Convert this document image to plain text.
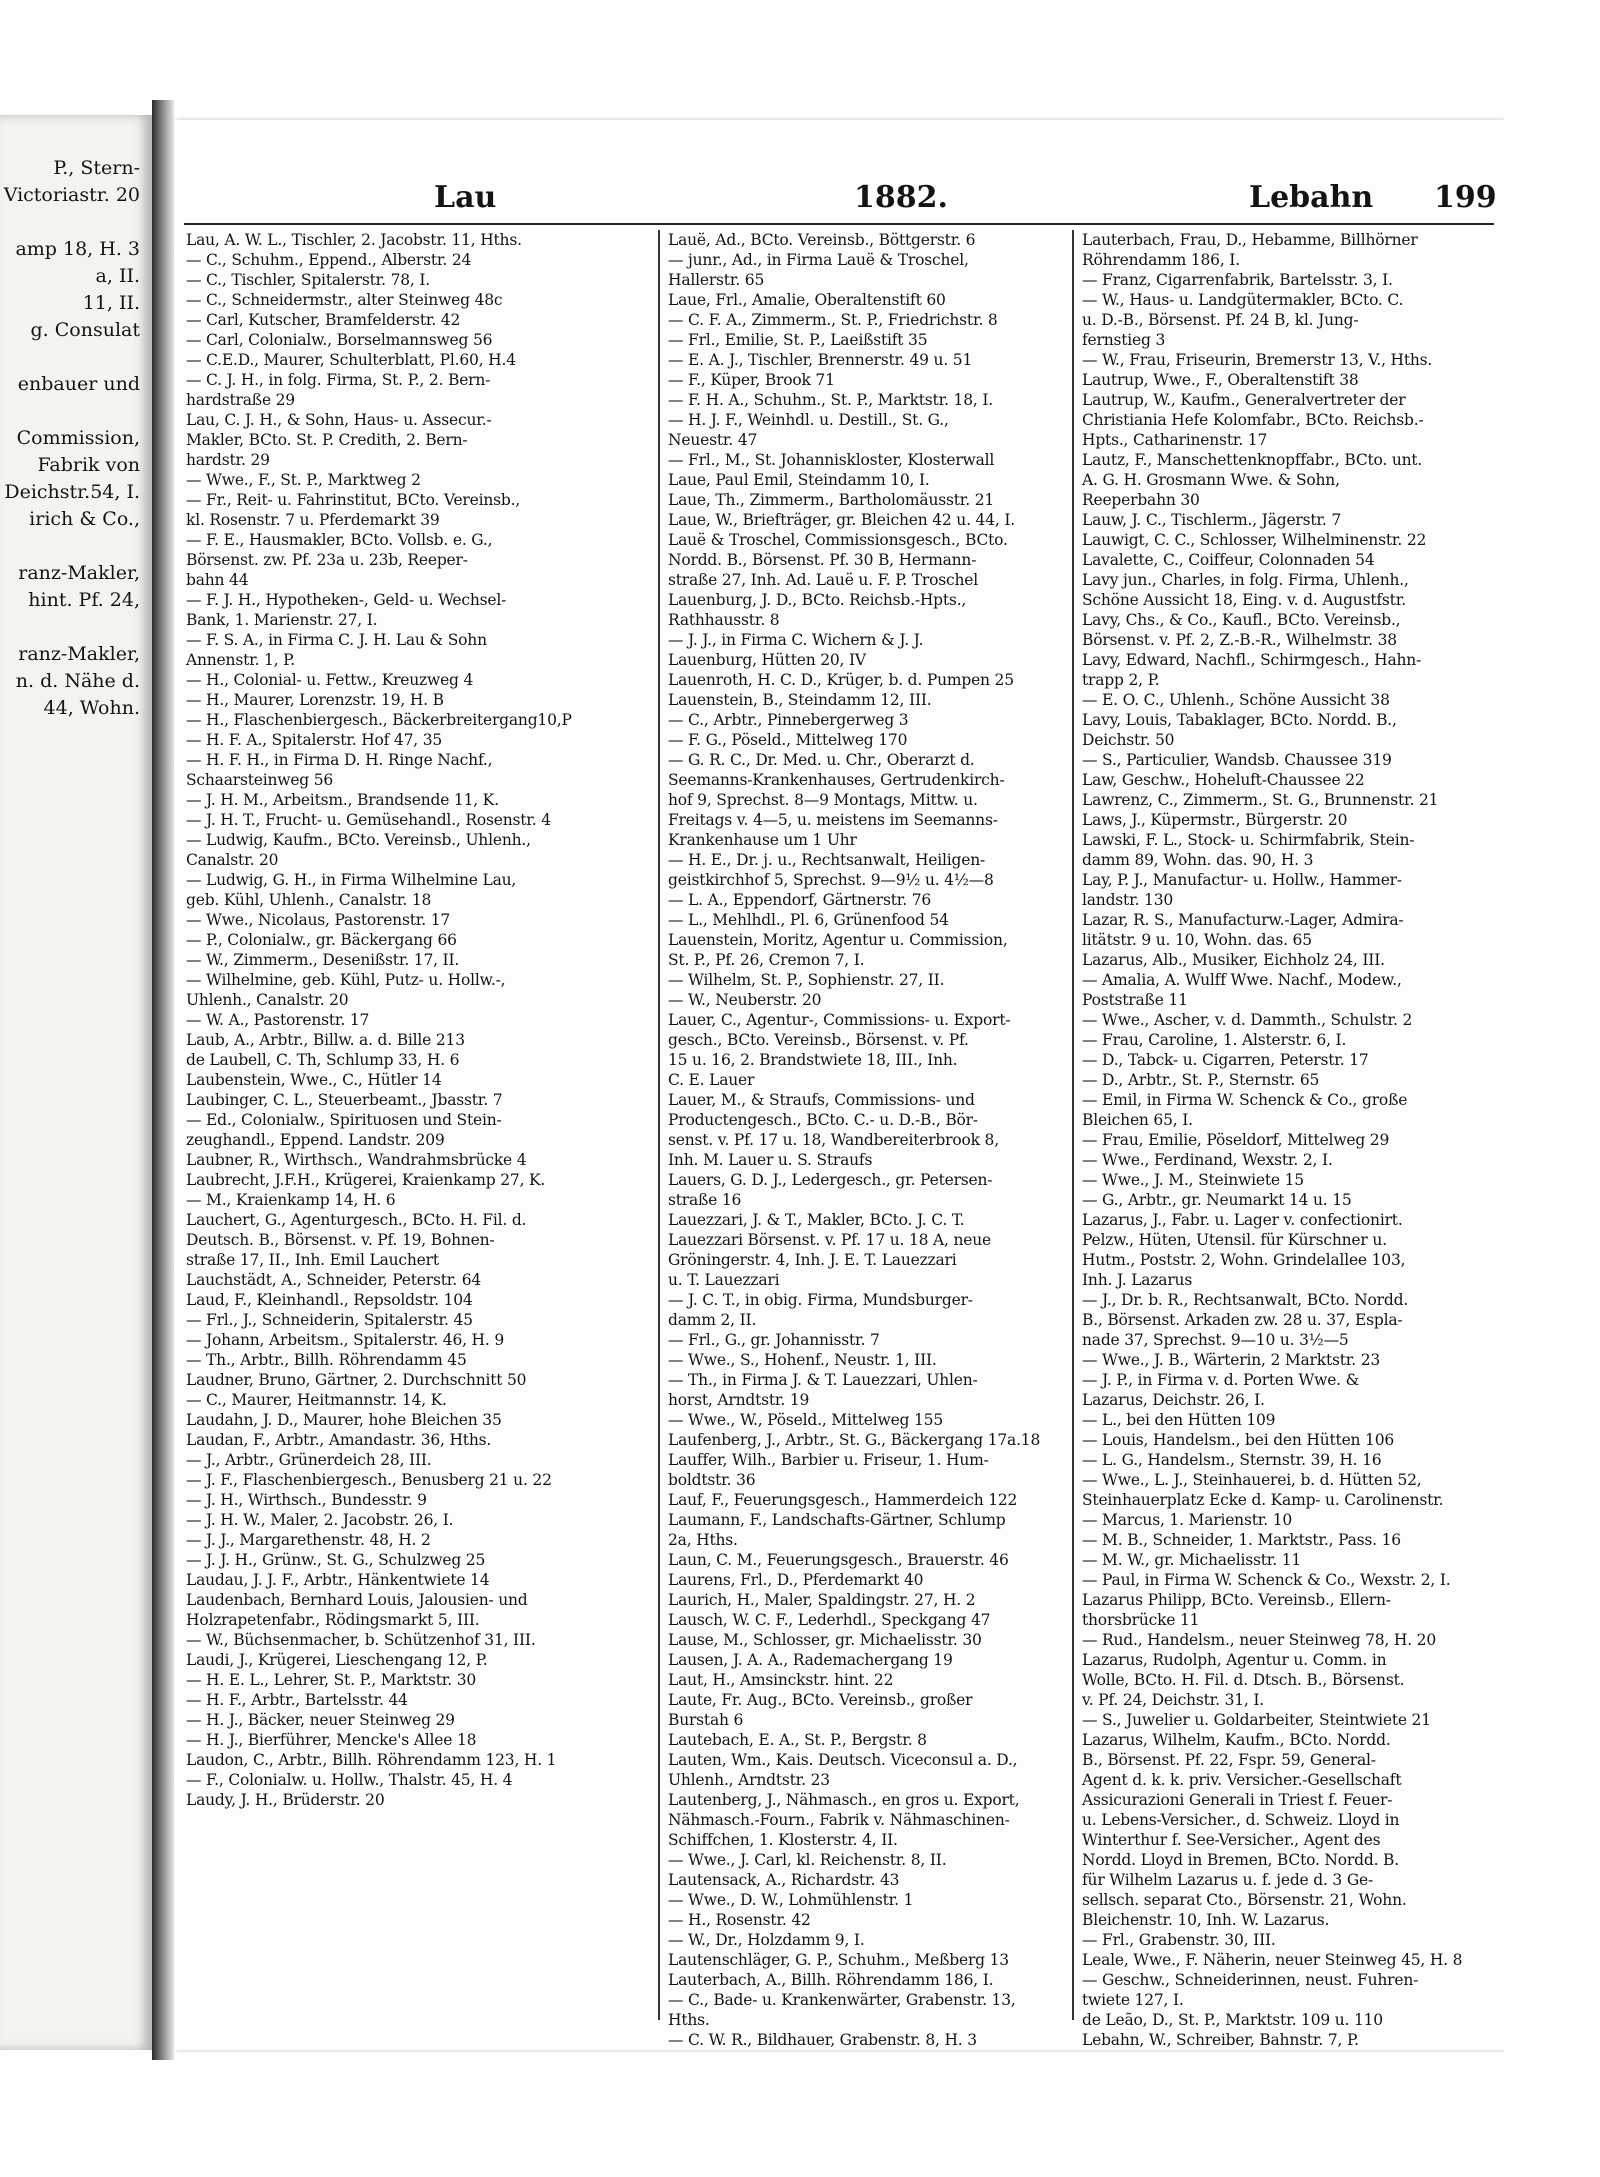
P., Stern-
Victoriastr. 20
amp 18, H. 3
a, II.
11, II.
g. Consulat
enbauer und
Commission,
Fabrik von
Deichstr.54, I.
irich & Co.,
ranz-Makler,
hint. Pf. 24,
ranz-Makler,
n. d. Nähe d.
44, Wohn.
Lau	1882.	Lebahn 199
Lau, A. W. L., Tischler, 2. Jacobstr. 11, Hths.
— C., Schuhm., Eppend., Alberstr. 24
— C., Tischler, Spitalerstr. 78, I.
— C., Schneidermstr., alter Steinweg 48c
— Carl, Kutscher, Bramfelderstr. 42
— Carl, Colonialw., Borselmannsweg 56
— C.E.D., Maurer, Schulterblatt, Pl.60, H.4
— C. J. H., in folg. Firma, St. P., 2. Bern-
hardstraße 29
Lau, C. J. H., & Sohn, Haus- u. Assecur.-
Makler, BCto. St. P. Credith, 2. Bern-
hardstr. 29
— Wwe., F., St. P., Marktweg 2
— Fr., Reit- u. Fahrinstitut, BCto. Vereinsb.,
kl. Rosenstr. 7 u. Pferdemarkt 39
— F. E., Hausmakler, BCto. Vollsb. e. G.,
Börsenst. zw. Pf. 23a u. 23b, Reeper-
bahn 44
— F. J. H., Hypotheken-, Geld- u. Wechsel-
Bank, 1. Marienstr. 27, I.
— F. S. A., in Firma C. J. H. Lau & Sohn
Annenstr. 1, P.
— H., Colonial- u. Fettw., Kreuzweg 4
— H., Maurer, Lorenzstr. 19, H. B
— H., Flaschenbiergesch., Bäckerbreitergang10,P
— H. F. A., Spitalerstr. Hof 47, 35
— H. F. H., in Firma D. H. Ringe Nachf.,
Schaarsteinweg 56
— J. H. M., Arbeitsm., Brandsende 11, K.
— J. H. T., Frucht- u. Gemüsehandl., Rosenstr. 4
— Ludwig, Kaufm., BCto. Vereinsb., Uhlenh.,
Canalstr. 20
— Ludwig, G. H., in Firma Wilhelmine Lau,
geb. Kühl, Uhlenh., Canalstr. 18
— Wwe., Nicolaus, Pastorenstr. 17
— P., Colonialw., gr. Bäckergang 66
— W., Zimmerm., Desenißstr. 17, II.
— Wilhelmine, geb. Kühl, Putz- u. Hollw.-,
Uhlenh., Canalstr. 20
— W. A., Pastorenstr. 17
Laub, A., Arbtr., Billw. a. d. Bille 213
de Laubell, C. Th, Schlump 33, H. 6
Laubenstein, Wwe., C., Hütler 14
Laubinger, C. L., Steuerbeamt., Jbasstr. 7
— Ed., Colonialw., Spirituosen und Stein-
zeughandl., Eppend. Landstr. 209
Laubner, R., Wirthsch., Wandrahmsbrücke 4
Laubrecht, J.F.H., Krügerei, Kraienkamp 27, K.
— M., Kraienkamp 14, H. 6
Lauchert, G., Agenturgesch., BCto. H. Fil. d.
Deutsch. B., Börsenst. v. Pf. 19, Bohnen-
straße 17, II., Inh. Emil Lauchert
Lauchstädt, A., Schneider, Peterstr. 64
Laud, F., Kleinhandl., Repsoldstr. 104
— Frl., J., Schneiderin, Spitalerstr. 45
— Johann, Arbeitsm., Spitalerstr. 46, H. 9
— Th., Arbtr., Billh. Röhrendamm 45
Laudner, Bruno, Gärtner, 2. Durchschnitt 50
— C., Maurer, Heitmannstr. 14, K.
Laudahn, J. D., Maurer, hohe Bleichen 35
Laudan, F., Arbtr., Amandastr. 36, Hths.
— J., Arbtr., Grünerdeich 28, III.
— J. F., Flaschenbiergesch., Benusberg 21 u. 22
— J. H., Wirthsch., Bundesstr. 9
— J. H. W., Maler, 2. Jacobstr. 26, I.
— J. J., Margarethenstr. 48, H. 2
— J. J. H., Grünw., St. G., Schulzweg 25
Laudau, J. J. F., Arbtr., Hänkentwiete 14
Laudenbach, Bernhard Louis, Jalousien- und
Holzrapetenfabr., Rödingsmarkt 5, III.
— W., Büchsenmacher, b. Schützenhof 31, III.
Laudi, J., Krügerei, Lieschengang 12, P.
— H. E. L., Lehrer, St. P., Marktstr. 30
— H. F., Arbtr., Bartelsstr. 44
— H. J., Bäcker, neuer Steinweg 29
— H. J., Bierführer, Mencke's Allee 18
Laudon, C., Arbtr., Billh. Röhrendamm 123, H. 1
— F., Colonialw. u. Hollw., Thalstr. 45, H. 4
Laudy, J. H., Brüderstr. 20
Lauë, Ad., BCto. Vereinsb., Böttgerstr. 6
— junr., Ad., in Firma Lauë & Troschel,
Hallerstr. 65
Laue, Frl., Amalie, Oberaltenstift 60
— C. F. A., Zimmerm., St. P., Friedrichstr. 8
— Frl., Emilie, St. P., Laeißstift 35
— E. A. J., Tischler, Brennerstr. 49 u. 51
— F., Küper, Brook 71
— F. H. A., Schuhm., St. P., Marktstr. 18, I.
— H. J. F., Weinhdl. u. Destill., St. G.,
Neuestr. 47
— Frl., M., St. Johanniskloster, Klosterwall
Laue, Paul Emil, Steindamm 10, I.
Laue, Th., Zimmerm., Bartholomäusstr. 21
Laue, W., Briefträger, gr. Bleichen 42 u. 44, I.
Lauë & Troschel, Commissionsgesch., BCto.
Nordd. B., Börsenst. Pf. 30 B, Hermann-
straße 27, Inh. Ad. Lauë u. F. P. Troschel
Lauenburg, J. D., BCto. Reichsb.-Hpts.,
Rathhausstr. 8
— J. J., in Firma C. Wichern & J. J.
Lauenburg, Hütten 20, IV
Lauenroth, H. C. D., Krüger, b. d. Pumpen 25
Lauenstein, B., Steindamm 12, III.
— C., Arbtr., Pinnebergerweg 3
— F. G., Pöseld., Mittelweg 170
— G. R. C., Dr. Med. u. Chr., Oberarzt d.
Seemanns-Krankenhauses, Gertrudenkirch-
hof 9, Sprechst. 8—9 Montags, Mittw. u.
Freitags v. 4—5, u. meistens im Seemanns-
Krankenhause um 1 Uhr
— H. E., Dr. j. u., Rechtsanwalt, Heiligen-
geistkirchhof 5, Sprechst. 9—9½ u. 4½—8
— L. A., Eppendorf, Gärtnerstr. 76
— L., Mehlhdl., Pl. 6, Grünenfood 54
Lauenstein, Moritz, Agentur u. Commission,
St. P., Pf. 26, Cremon 7, I.
— Wilhelm, St. P., Sophienstr. 27, II.
— W., Neuberstr. 20
Lauer, C., Agentur-, Commissions- u. Export-
gesch., BCto. Vereinsb., Börsenst. v. Pf.
15 u. 16, 2. Brandstwiete 18, III., Inh.
C. E. Lauer
Lauer, M., & Straufs, Commissions- und
Productengesch., BCto. C.- u. D.-B., Bör-
senst. v. Pf. 17 u. 18, Wandbereiterbrook 8,
Inh. M. Lauer u. S. Straufs
Lauers, G. D. J., Ledergesch., gr. Petersen-
straße 16
Lauezzari, J. & T., Makler, BCto. J. C. T.
Lauezzari Börsenst. v. Pf. 17 u. 18 A, neue
Gröningerstr. 4, Inh. J. E. T. Lauezzari
u. T. Lauezzari
— J. C. T., in obig. Firma, Mundsburger-
damm 2, II.
— Frl., G., gr. Johannisstr. 7
— Wwe., S., Hohenf., Neustr. 1, III.
— Th., in Firma J. & T. Lauezzari, Uhlen-
horst, Arndtstr. 19
— Wwe., W., Pöseld., Mittelweg 155
Laufenberg, J., Arbtr., St. G., Bäckergang 17a.18
Lauffer, Wilh., Barbier u. Friseur, 1. Hum-
boldtstr. 36
Lauf, F., Feuerungsgesch., Hammerdeich 122
Laumann, F., Landschafts-Gärtner, Schlump
2a, Hths.
Laun, C. M., Feuerungsgesch., Brauerstr. 46
Laurens, Frl., D., Pferdemarkt 40
Laurich, H., Maler, Spaldingstr. 27, H. 2
Lausch, W. C. F., Lederhdl., Speckgang 47
Lause, M., Schlosser, gr. Michaelisstr. 30
Lausen, J. A. A., Rademachergang 19
Laut, H., Amsinckstr. hint. 22
Laute, Fr. Aug., BCto. Vereinsb., großer
Burstah 6
Lautebach, E. A., St. P., Bergstr. 8
Lauten, Wm., Kais. Deutsch. Viceconsul a. D.,
Uhlenh., Arndtstr. 23
Lautenberg, J., Nähmasch., en gros u. Export,
Nähmasch.-Fourn., Fabrik v. Nähmaschinen-
Schiffchen, 1. Klosterstr. 4, II.
— Wwe., J. Carl, kl. Reichenstr. 8, II.
Lautensack, A., Richardstr. 43
— Wwe., D. W., Lohmühlenstr. 1
— H., Rosenstr. 42
— W., Dr., Holzdamm 9, I.
Lautenschläger, G. P., Schuhm., Meßberg 13
Lauterbach, A., Billh. Röhrendamm 186, I.
— C., Bade- u. Krankenwärter, Grabenstr. 13,
Hths.
— C. W. R., Bildhauer, Grabenstr. 8, H. 3
Lauterbach, Frau, D., Hebamme, Billhörner
Röhrendamm 186, I.
— Franz, Cigarrenfabrik, Bartelsstr. 3, I.
— W., Haus- u. Landgütermakler, BCto. C.
u. D.-B., Börsenst. Pf. 24 B, kl. Jung-
fernstieg 3
— W., Frau, Friseurin, Bremerstr 13, V., Hths.
Lautrup, Wwe., F., Oberaltenstift 38
Lautrup, W., Kaufm., Generalvertreter der
Christiania Hefe Kolomfabr., BCto. Reichsb.-
Hpts., Catharinenstr. 17
Lautz, F., Manschettenknopffabr., BCto. unt.
A. G. H. Grosmann Wwe. & Sohn,
Reeperbahn 30
Lauw, J. C., Tischlerm., Jägerstr. 7
Lauwigt, C. C., Schlosser, Wilhelminenstr. 22
Lavalette, C., Coiffeur, Colonnaden 54
Lavy jun., Charles, in folg. Firma, Uhlenh.,
Schöne Aussicht 18, Eing. v. d. Augustfstr.
Lavy, Chs., & Co., Kaufl., BCto. Vereinsb.,
Börsenst. v. Pf. 2, Z.-B.-R., Wilhelmstr. 38
Lavy, Edward, Nachfl., Schirmgesch., Hahn-
trapp 2, P.
— E. O. C., Uhlenh., Schöne Aussicht 38
Lavy, Louis, Tabaklager, BCto. Nordd. B.,
Deichstr. 50
— S., Particulier, Wandsb. Chaussee 319
Law, Geschw., Hoheluft-Chaussee 22
Lawrenz, C., Zimmerm., St. G., Brunnenstr. 21
Laws, J., Küpermstr., Bürgerstr. 20
Lawski, F. L., Stock- u. Schirmfabrik, Stein-
damm 89, Wohn. das. 90, H. 3
Lay, P. J., Manufactur- u. Hollw., Hammer-
landstr. 130
Lazar, R. S., Manufacturw.-Lager, Admira-
litätstr. 9 u. 10, Wohn. das. 65
Lazarus, Alb., Musiker, Eichholz 24, III.
— Amalia, A. Wulff Wwe. Nachf., Modew.,
Poststraße 11
— Wwe., Ascher, v. d. Dammth., Schulstr. 2
— Frau, Caroline, 1. Alsterstr. 6, I.
— D., Tabck- u. Cigarren, Peterstr. 17
— D., Arbtr., St. P., Sternstr. 65
— Emil, in Firma W. Schenck & Co., große
Bleichen 65, I.
— Frau, Emilie, Pöseldorf, Mittelweg 29
— Wwe., Ferdinand, Wexstr. 2, I.
— Wwe., J. M., Steinwiete 15
— G., Arbtr., gr. Neumarkt 14 u. 15
Lazarus, J., Fabr. u. Lager v. confectionirt.
Pelzw., Hüten, Utensil. für Kürschner u.
Hutm., Poststr. 2, Wohn. Grindelallee 103,
Inh. J. Lazarus
— J., Dr. b. R., Rechtsanwalt, BCto. Nordd.
B., Börsenst. Arkaden zw. 28 u. 37, Espla-
nade 37, Sprechst. 9—10 u. 3½—5
— Wwe., J. B., Wärterin, 2 Marktstr. 23
— J. P., in Firma v. d. Porten Wwe. &
Lazarus, Deichstr. 26, I.
— L., bei den Hütten 109
— Louis, Handelsm., bei den Hütten 106
— L. G., Handelsm., Sternstr. 39, H. 16
— Wwe., L. J., Steinhauerei, b. d. Hütten 52,
Steinhauerplatz Ecke d. Kamp- u. Carolinenstr.
— Marcus, 1. Marienstr. 10
— M. B., Schneider, 1. Marktstr., Pass. 16
— M. W., gr. Michaelisstr. 11
— Paul, in Firma W. Schenck & Co., Wexstr. 2, I.
Lazarus Philipp, BCto. Vereinsb., Ellern-
thorsbrücke 11
— Rud., Handelsm., neuer Steinweg 78, H. 20
Lazarus, Rudolph, Agentur u. Comm. in
Wolle, BCto. H. Fil. d. Dtsch. B., Börsenst.
v. Pf. 24, Deichstr. 31, I.
— S., Juwelier u. Goldarbeiter, Steintwiete 21
Lazarus, Wilhelm, Kaufm., BCto. Nordd.
B., Börsenst. Pf. 22, Fspr. 59, General-
Agent d. k. k. priv. Versicher.-Gesellschaft
Assicurazioni Generali in Triest f. Feuer-
u. Lebens-Versicher., d. Schweiz. Lloyd in
Winterthur f. See-Versicher., Agent des
Nordd. Lloyd in Bremen, BCto. Nordd. B.
für Wilhelm Lazarus u. f. jede d. 3 Ge-
sellsch. separat Cto., Börsenstr. 21, Wohn.
Bleichenstr. 10, Inh. W. Lazarus.
— Frl., Grabenstr. 30, III.
Leale, Wwe., F. Näherin, neuer Steinweg 45, H. 8
— Geschw., Schneiderinnen, neust. Fuhren-
twiete 127, I.
de Leão, D., St. P., Marktstr. 109 u. 110
Lebahn, W., Schreiber, Bahnstr. 7, P.
